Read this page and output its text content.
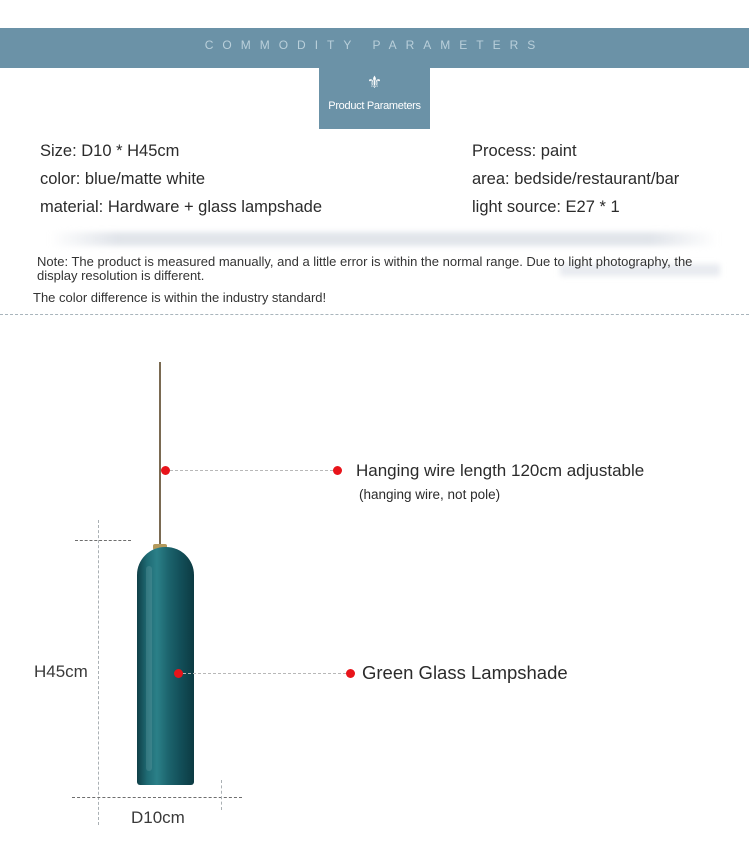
COMMODITY PARAMETERS
⚜
Product Parameters
Size: D10 * H45cm
color: blue/matte white
material: Hardware + glass lampshade
Process: paint
area: bedside/restaurant/bar
light source: E27 * 1
Note: The product is measured manually, and a little error is within the normal range. Due to light photography, the display resolution is different.
The color difference is within the industry standard!
Hanging wire length 120cm adjustable
(hanging wire, not pole)
Green Glass Lampshade
H45cm
D10cm
